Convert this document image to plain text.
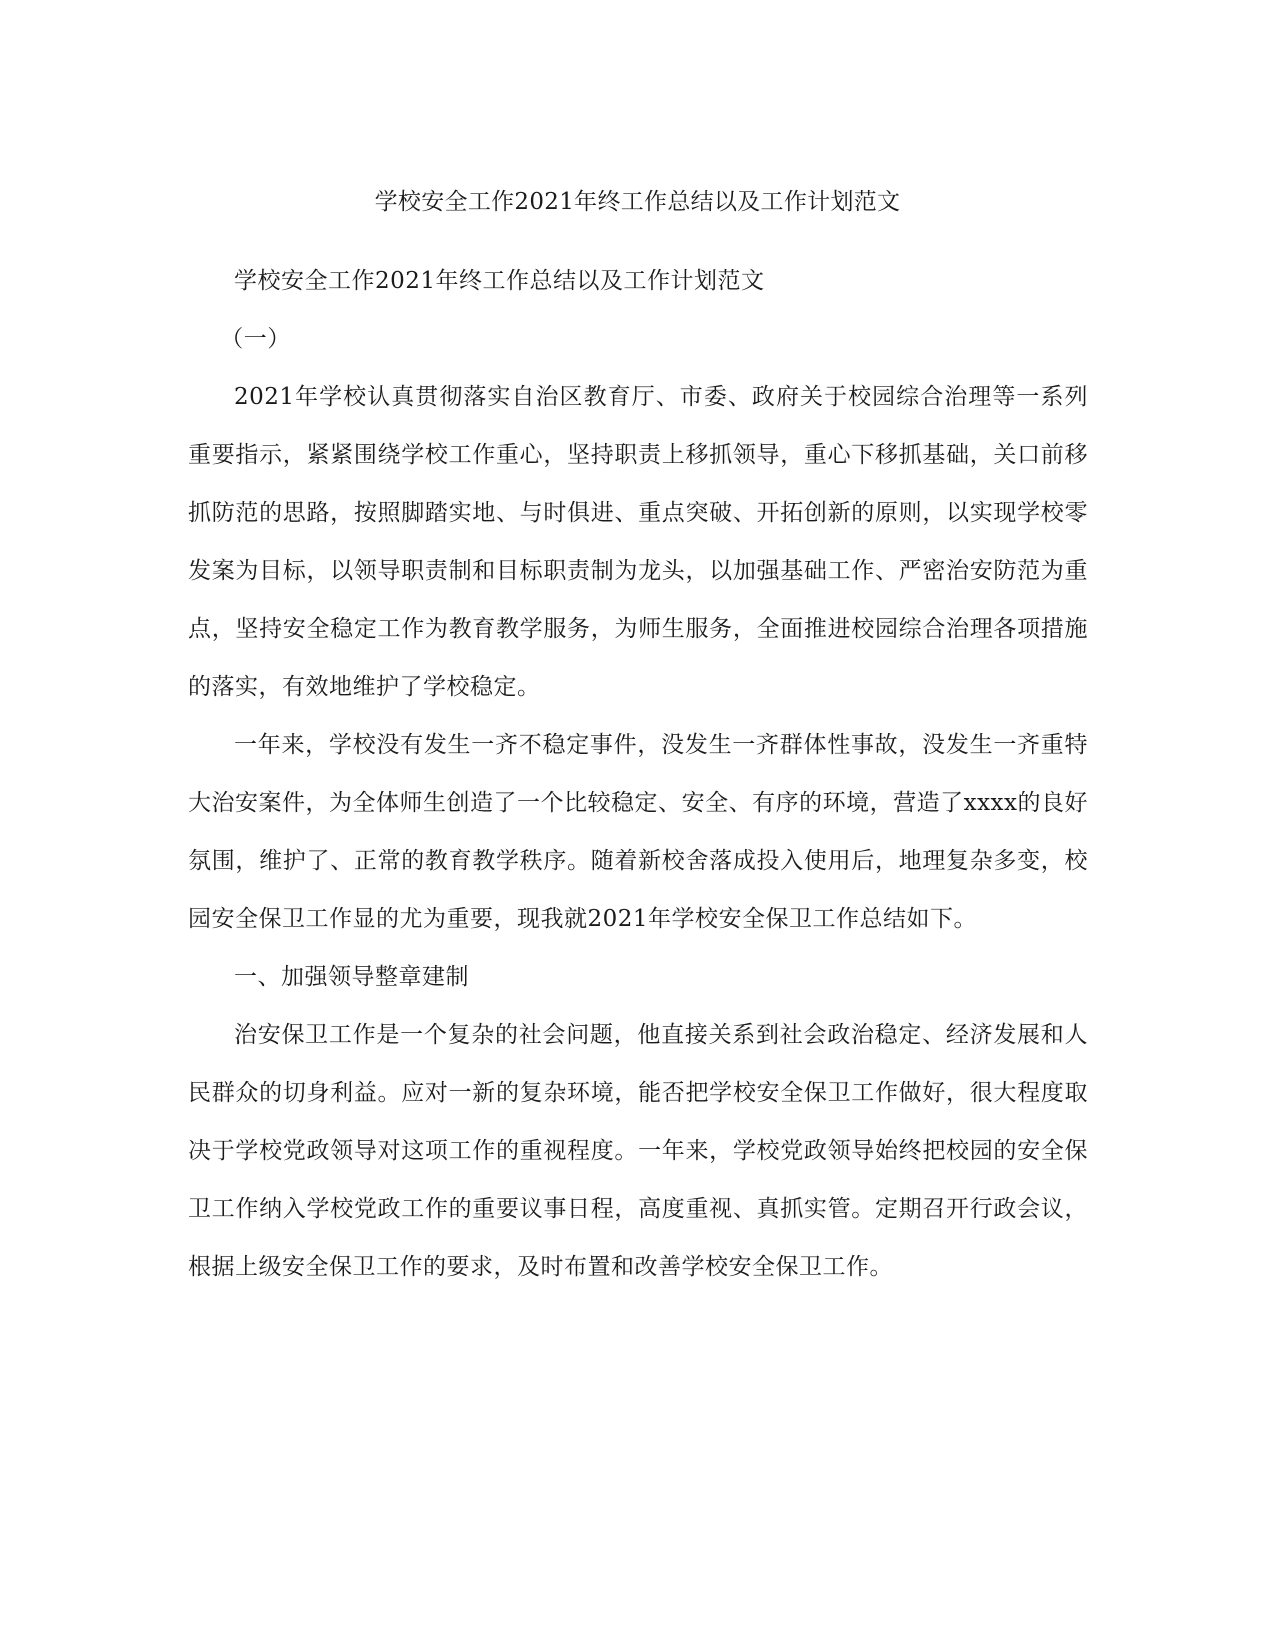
学校安全工作2021年终工作总结以及工作计划范文

学校安全工作2021年终工作总结以及工作计划范文

（一）

2021年学校认真贯彻落实自治区教育厅、市委、政府关于校园综合治理等一系列重要指示，紧紧围绕学校工作重心，坚持职责上移抓领导，重心下移抓基础，关口前移抓防范的思路，按照脚踏实地、与时俱进、重点突破、开拓创新的原则，以实现学校零发案为目标，以领导职责制和目标职责制为龙头，以加强基础工作、严密治安防范为重点，坚持安全稳定工作为教育教学服务，为师生服务，全面推进校园综合治理各项措施的落实，有效地维护了学校稳定。

一年来，学校没有发生一齐不稳定事件，没发生一齐群体性事故，没发生一齐重特大治安案件，为全体师生创造了一个比较稳定、安全、有序的环境，营造了xxxx的良好氛围，维护了、正常的教育教学秩序。随着新校舍落成投入使用后，地理复杂多变，校园安全保卫工作显的尤为重要，现我就2021年学校安全保卫工作总结如下。

一、加强领导整章建制

治安保卫工作是一个复杂的社会问题，他直接关系到社会政治稳定、经济发展和人民群众的切身利益。应对一新的复杂环境，能否把学校安全保卫工作做好，很大程度取决于学校党政领导对这项工作的重视程度。一年来，学校党政领导始终把校园的安全保卫工作纳入学校党政工作的重要议事日程，高度重视、真抓实管。定期召开行政会议，根据上级安全保卫工作的要求，及时布置和改善学校安全保卫工作。
